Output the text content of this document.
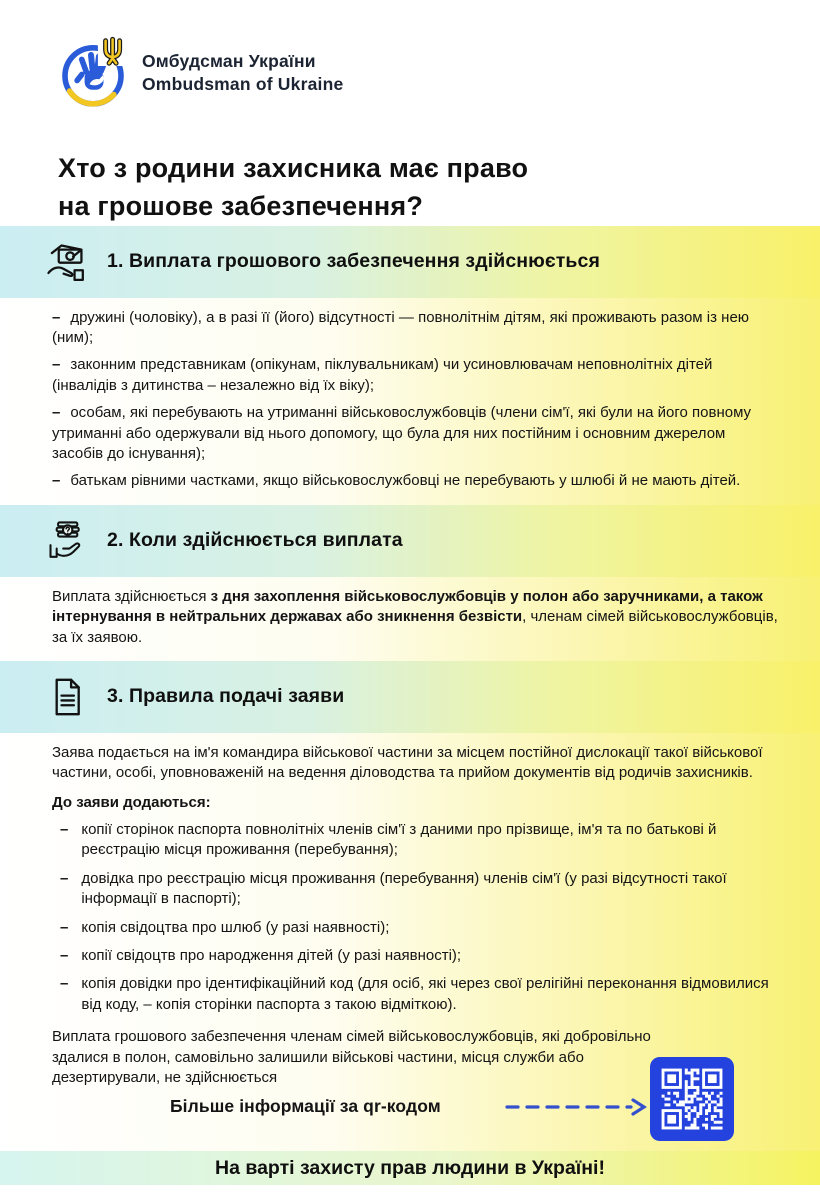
Омбудсман України
Ombudsman of Ukraine
Хто з родини захисника має право
на грошове забезпечення?
1. Виплата грошового забезпечення здійснюється

– дружині (чоловіку), а в разі її (його) відсутності — повнолітнім дітям, які проживають разом із нею (ним);

– законним представникам (опікунам, піклувальникам) чи усиновлювачам неповнолітніх дітей (інвалідів з дитинства – незалежно від їх віку);

– особам, які перебувають на утриманні військовослужбовців (члени сім'ї, які були на його повному утриманні або одержували від нього допомогу, що була для них постійним і основним джерелом засобів до існування);

– батькам рівними частками, якщо військовослужбовці не перебувають у шлюбі й не мають дітей.

2. Коли здійснюється виплата

Виплата здійснюється з дня захоплення військовослужбовців у полон або заручниками, а також інтернування в нейтральних державах або зникнення безвісти, членам сімей військовослужбовців, за їх заявою.

3. Правила подачі заяви

Заява подається на ім'я командира військової частини за місцем постійної дислокації такої військової частини, особі, уповноваженій на ведення діловодства та прийом документів від родичів захисників.

До заяви додаються:

– копії сторінок паспорта повнолітніх членів сім'ї з даними про прізвище, ім'я та по батькові й реєстрацію місця проживання (перебування);
– довідка про реєстрацію місця проживання (перебування) членів сім'ї (у разі відсутності такої інформації в паспорті);
– копія свідоцтва про шлюб (у разі наявності);
– копії свідоцтв про народження дітей (у разі наявності);
– копія довідки про ідентифікаційний код (для осіб, які через свої релігійні переконання відмовилися від коду, – копія сторінки паспорта з такою відміткою).

Виплата грошового забезпечення членам сімей військовослужбовців, які добровільно здалися в полон, самовільно залишили військові частини, місця служби або дезертирували, не здійснюється

Більше інформації за qr-кодом
На варті захисту прав людини в Україні!
